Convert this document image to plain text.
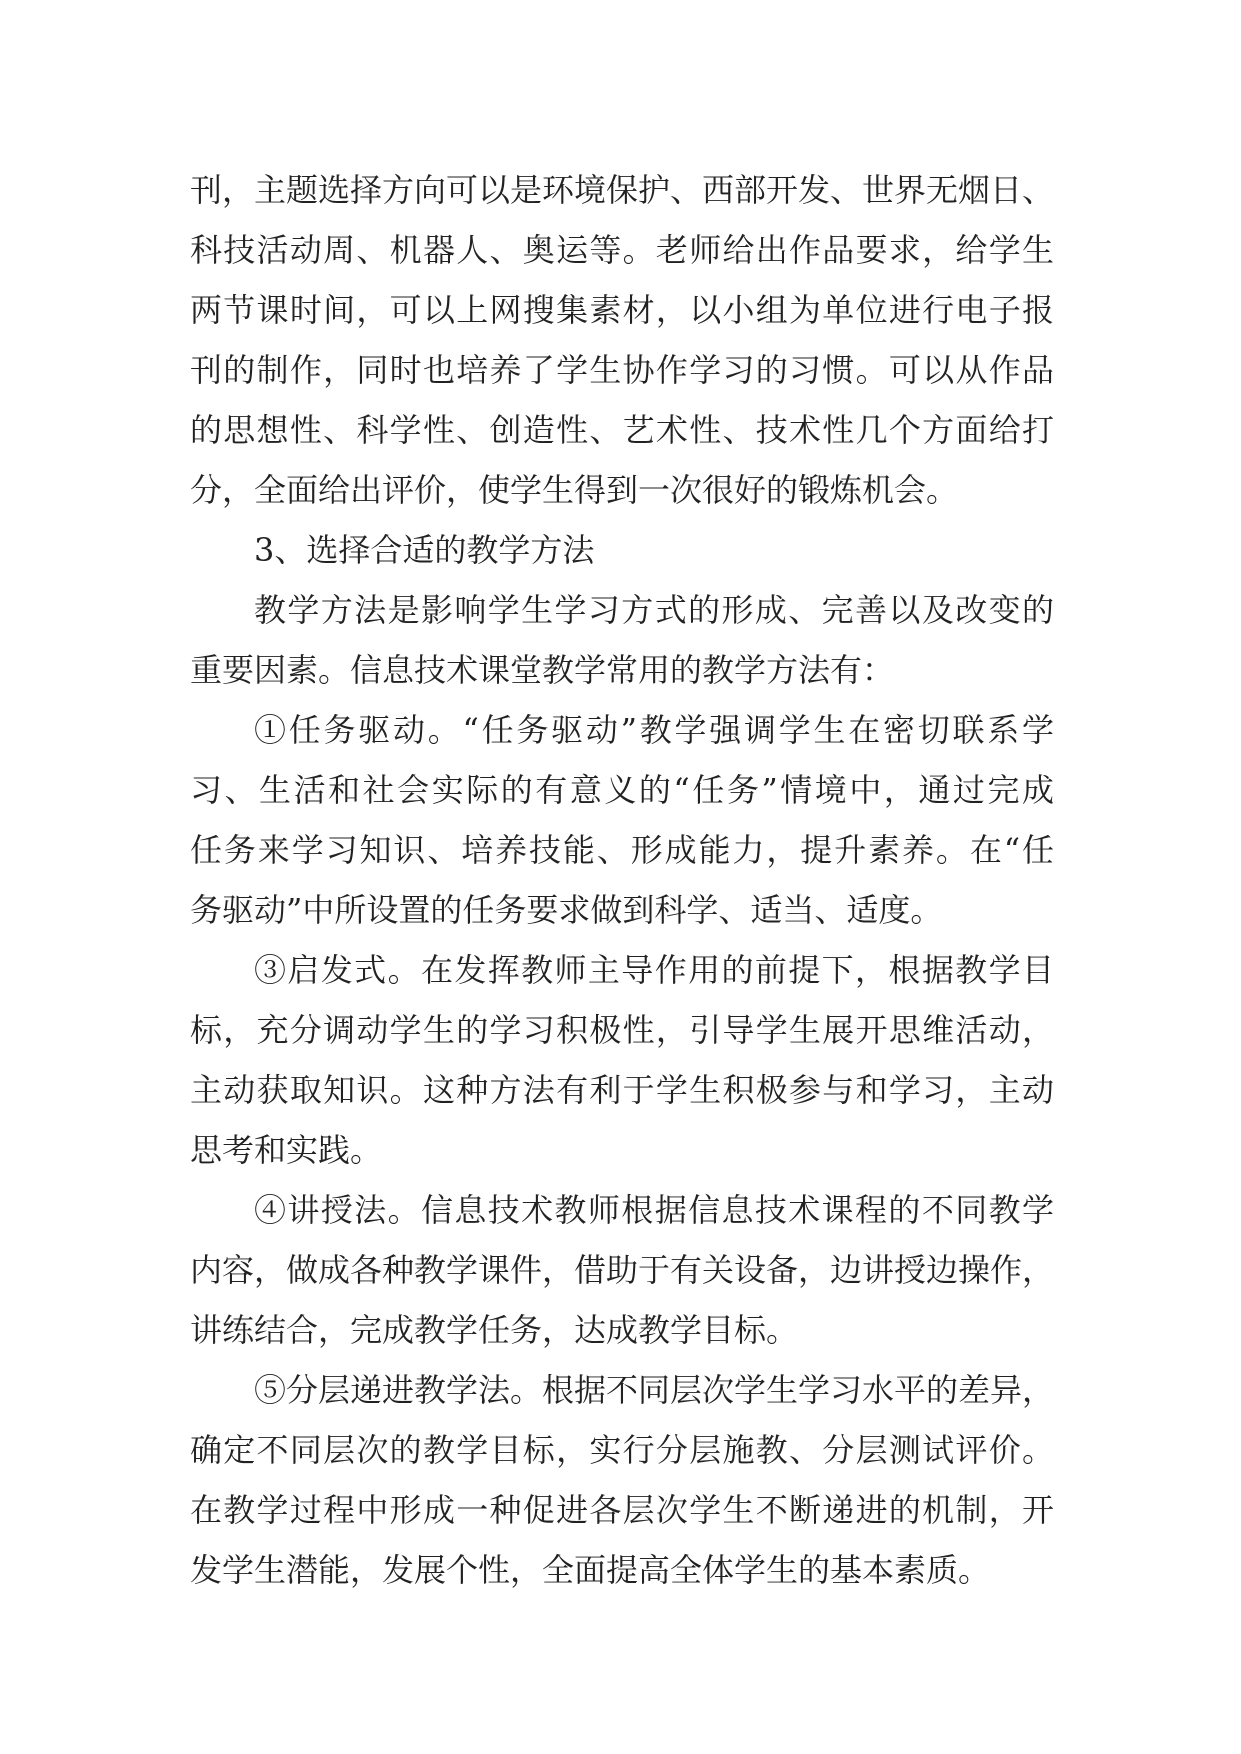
刊，主题选择方向可以是环境保护、西部开发、世界无烟日、
科技活动周、机器人、奥运等。老师给出作品要求，给学生
两节课时间，可以上网搜集素材，以小组为单位进行电子报
刊的制作，同时也培养了学生协作学习的习惯。可以从作品
的思想性、科学性、创造性、艺术性、技术性几个方面给打
分，全面给出评价，使学生得到一次很好的锻炼机会。
3、选择合适的教学方法
教学方法是影响学生学习方式的形成、完善以及改变的
重要因素。信息技术课堂教学常用的教学方法有：
①任务驱动。“任务驱动”教学强调学生在密切联系学
习、生活和社会实际的有意义的“任务”情境中，通过完成
任务来学习知识、培养技能、形成能力，提升素养。在“任
务驱动”中所设置的任务要求做到科学、适当、适度。
③启发式。在发挥教师主导作用的前提下，根据教学目
标，充分调动学生的学习积极性，引导学生展开思维活动，
主动获取知识。这种方法有利于学生积极参与和学习，主动
思考和实践。
④讲授法。信息技术教师根据信息技术课程的不同教学
内容，做成各种教学课件，借助于有关设备，边讲授边操作，
讲练结合，完成教学任务，达成教学目标。
⑤分层递进教学法。根据不同层次学生学习水平的差异，
确定不同层次的教学目标，实行分层施教、分层测试评价。
在教学过程中形成一种促进各层次学生不断递进的机制，开
发学生潜能，发展个性，全面提高全体学生的基本素质。
